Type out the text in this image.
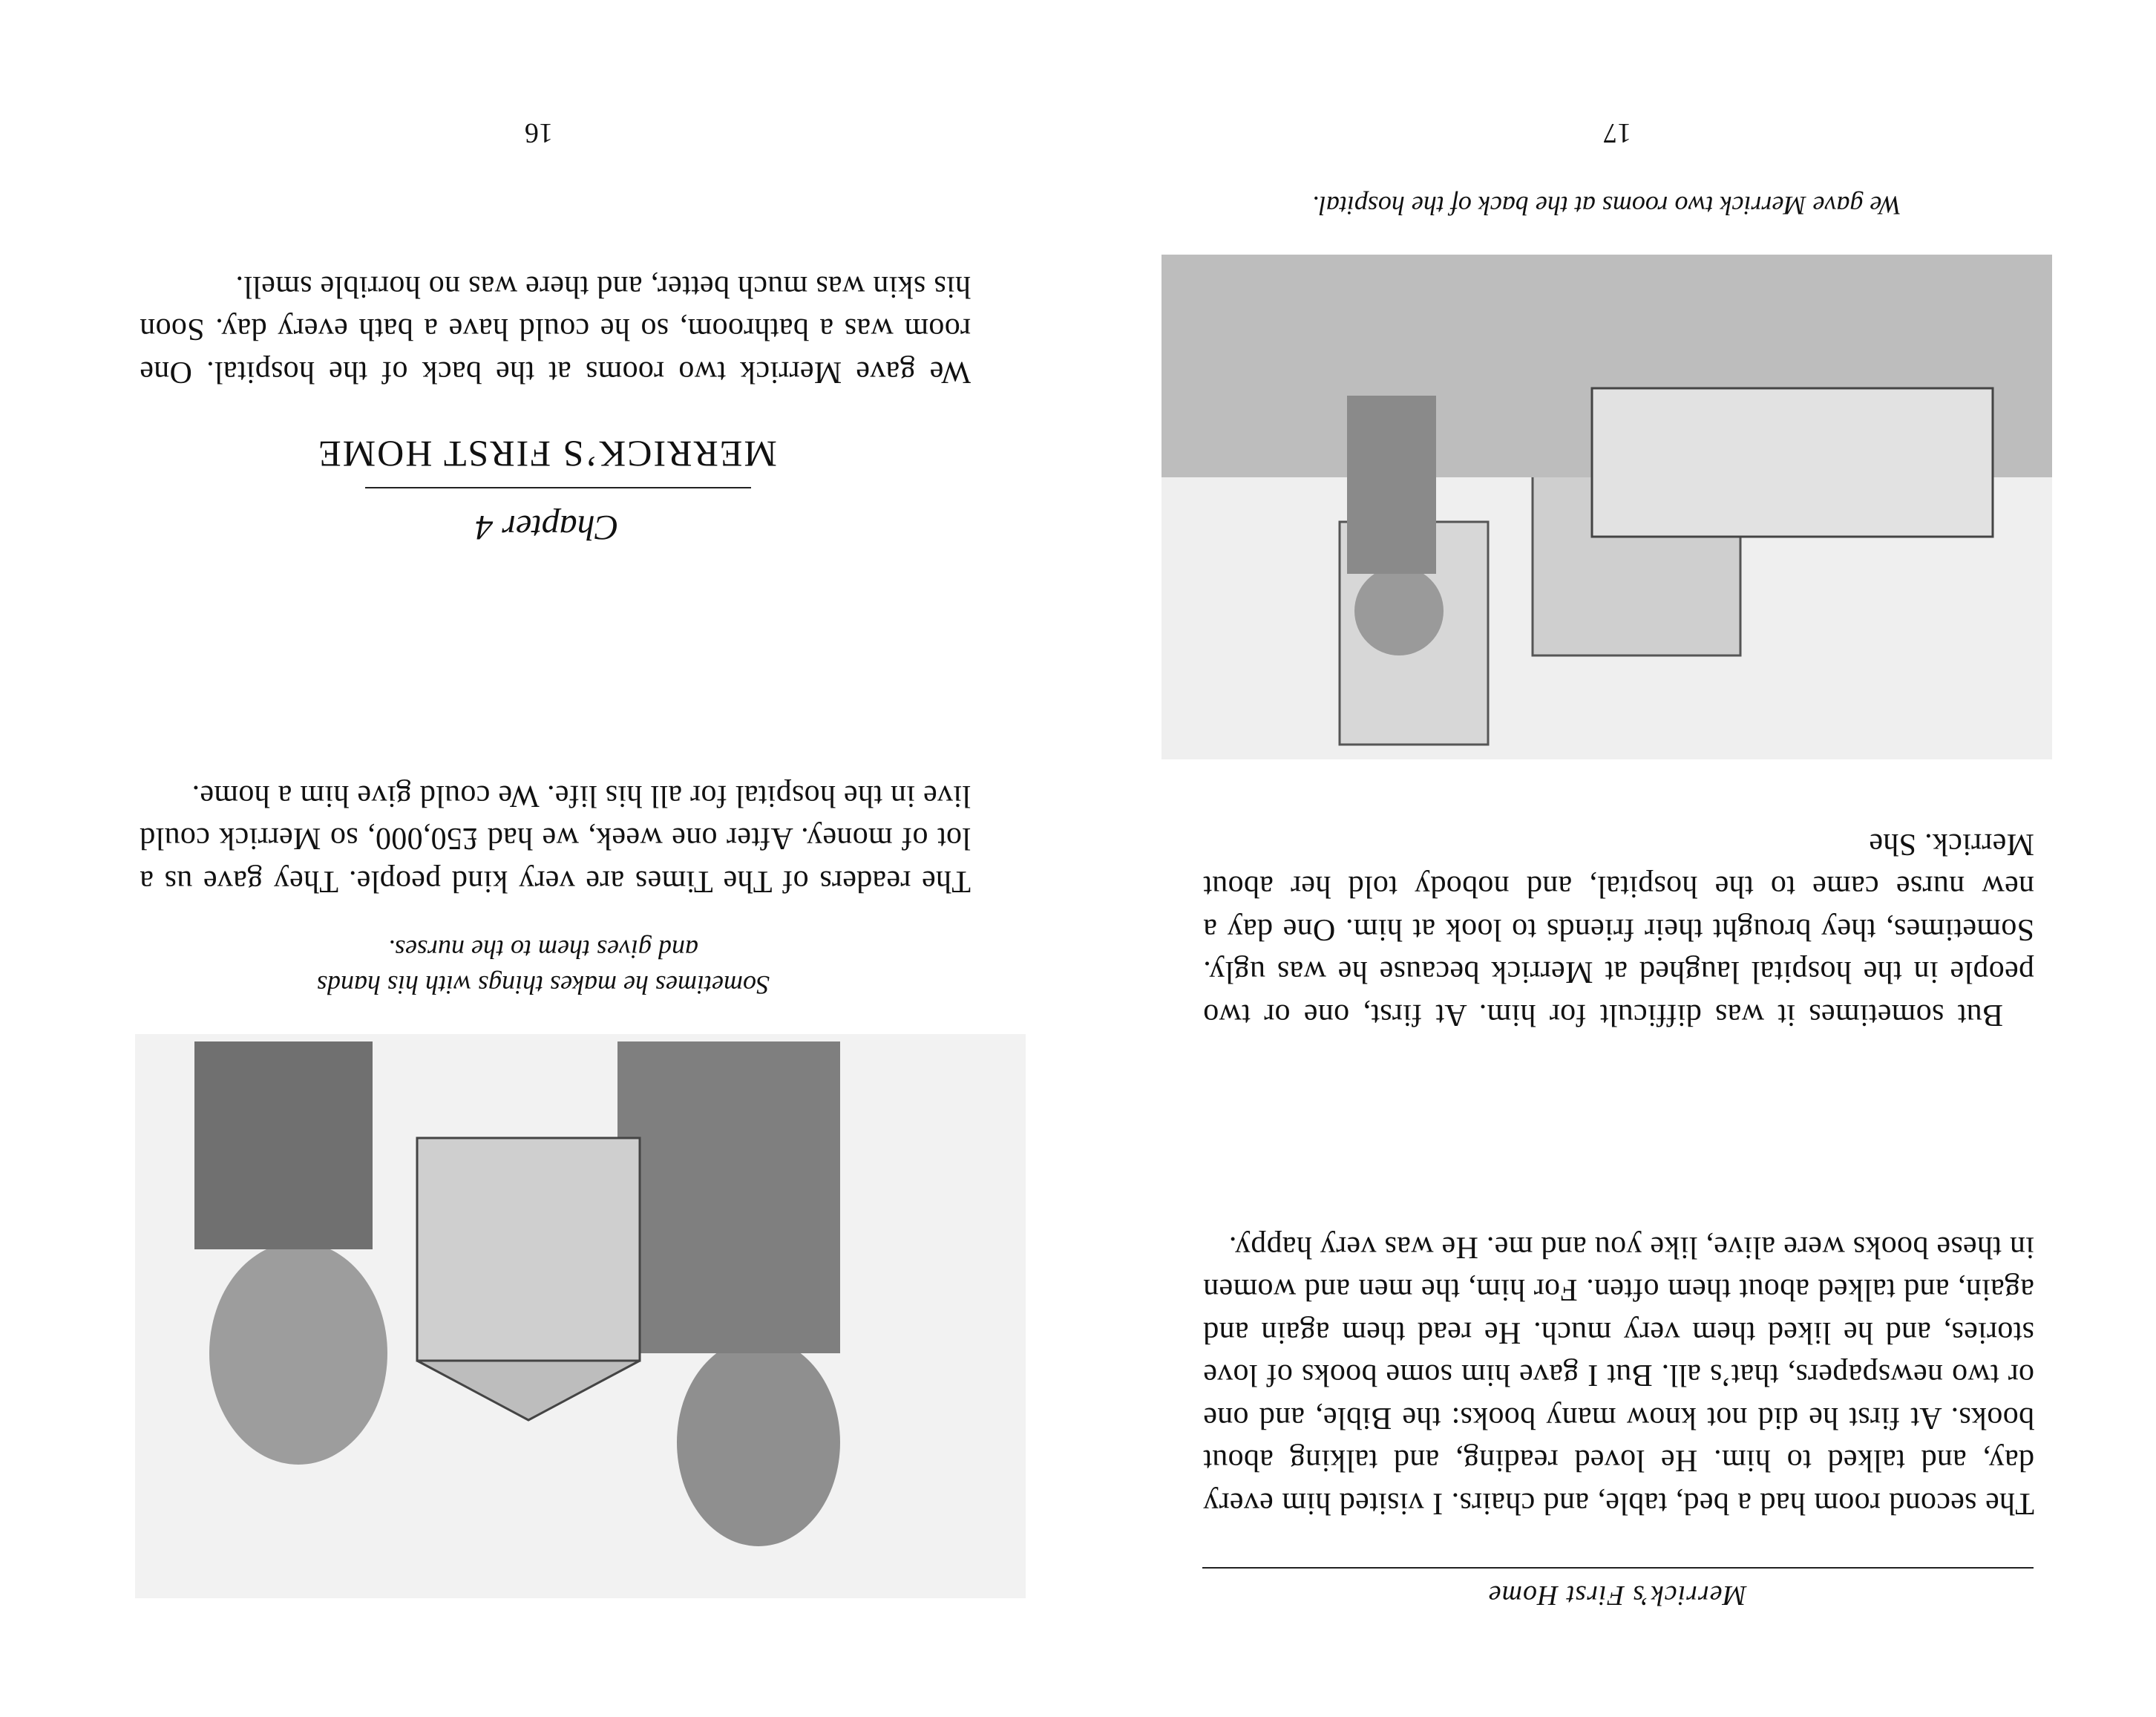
Merrick’s First Home
The second room had a bed, table, and chairs. I visited him every day, and talked to him. He loved reading, and talking about books. At first he did not know many books: the Bible, and one or two newspapers, that’s all. But I gave him some books of love stories, and he liked them very much. He read them again and again, and talked about them often. For him, the men and women in these books were alive, like you and me. He was very happy.
But sometimes it was difficult for him. At first, one or two people in the hospital laughed at Merrick because he was ugly. Sometimes, they brought their friends to look at him. One day a new nurse came to the hospital, and nobody told her about Merrick. She
We gave Merrick two rooms at the back of the hospital.
17
Sometimes he makes things with his hands
and gives them to the nurses.
The readers of The Times are very kind people. They gave us a lot of money. After one week, we had £50,000, so Merrick could live in the hospital for all his life. We could give him a home.
Chapter 4
MERRICK’S FIRST HOME
We gave Merrick two rooms at the back of the hospital. One room was a bathroom, so he could have a bath every day. Soon his skin was much better, and there was no horrible smell.
16
